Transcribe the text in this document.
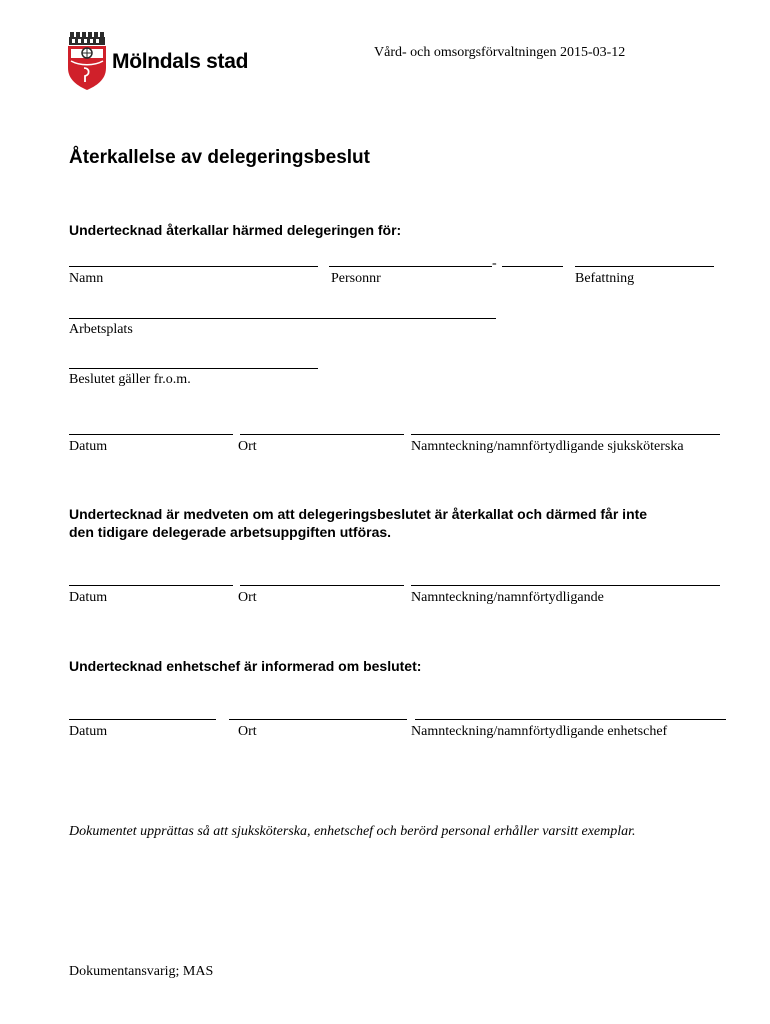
Mölndals stad	Vård- och omsorgsförvaltningen 2015-03-12
Återkallelse av delegeringsbeslut
Undertecknad återkallar härmed delegeringen för:
-
Namn	Personnr	Befattning
Arbetsplats
Beslutet gäller fr.o.m.
Datum	Ort	Namnteckning/namnförtydligande sjuksköterska
Undertecknad är medveten om att delegeringsbeslutet är återkallat och därmed får inte
den tidigare delegerade arbetsuppgiften utföras.
Datum	Ort	Namnteckning/namnförtydligande
Undertecknad enhetschef är informerad om beslutet:
Datum	Ort	Namnteckning/namnförtydligande enhetschef
Dokumentet upprättas så att sjuksköterska, enhetschef och berörd personal erhåller varsitt exemplar.
Dokumentansvarig; MAS
